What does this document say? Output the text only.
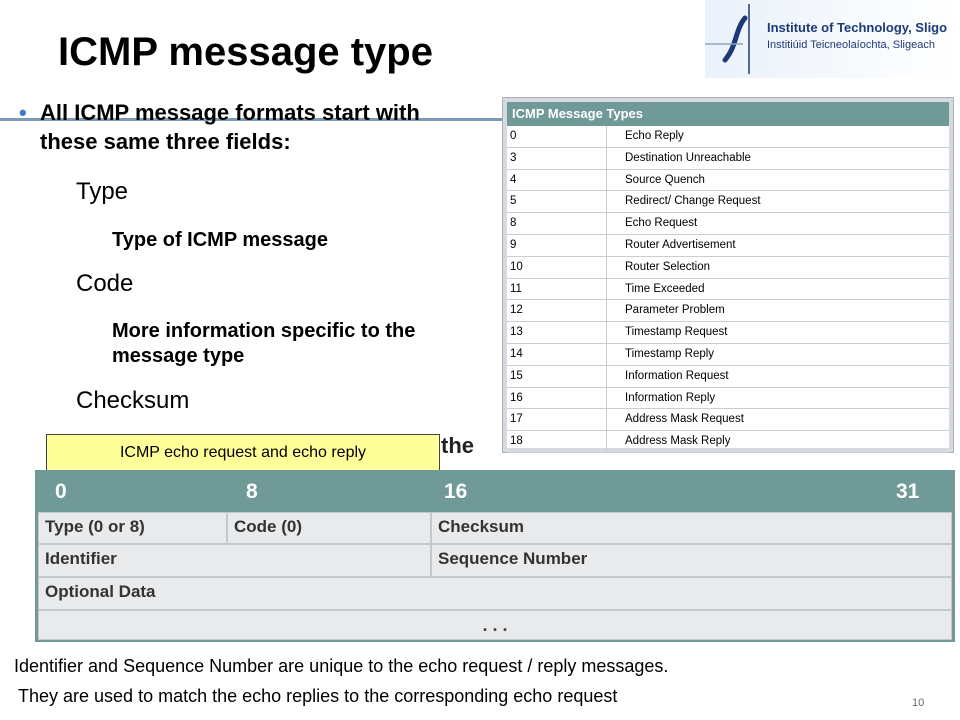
ICMP message type
Institute of Technology, Sligo
Institiúid Teicneolaíochta, Sligeach
• All ICMP message formats start with these same three fields:
Type
Type of ICMP message
Code
More information specific to the message type
Checksum
the
ICMP Message Types
0	Echo Reply
3	Destination Unreachable
4	Source Quench
5	Redirect/ Change Request
8	Echo Request
9	Router Advertisement
10	Router Selection
11	Time Exceeded
12	Parameter Problem
13	Timestamp Request
14	Timestamp Reply
15	Information Request
16	Information Reply
17	Address Mask Request
18	Address Mask Reply
ICMP echo request and echo reply
0	8	16	31
Type (0 or 8)	Code (0)	Checksum
Identifier	Sequence Number
Optional Data
. . .
Identifier and Sequence Number are unique to the echo request / reply messages.
They are used to match the echo replies to the corresponding echo request	10
